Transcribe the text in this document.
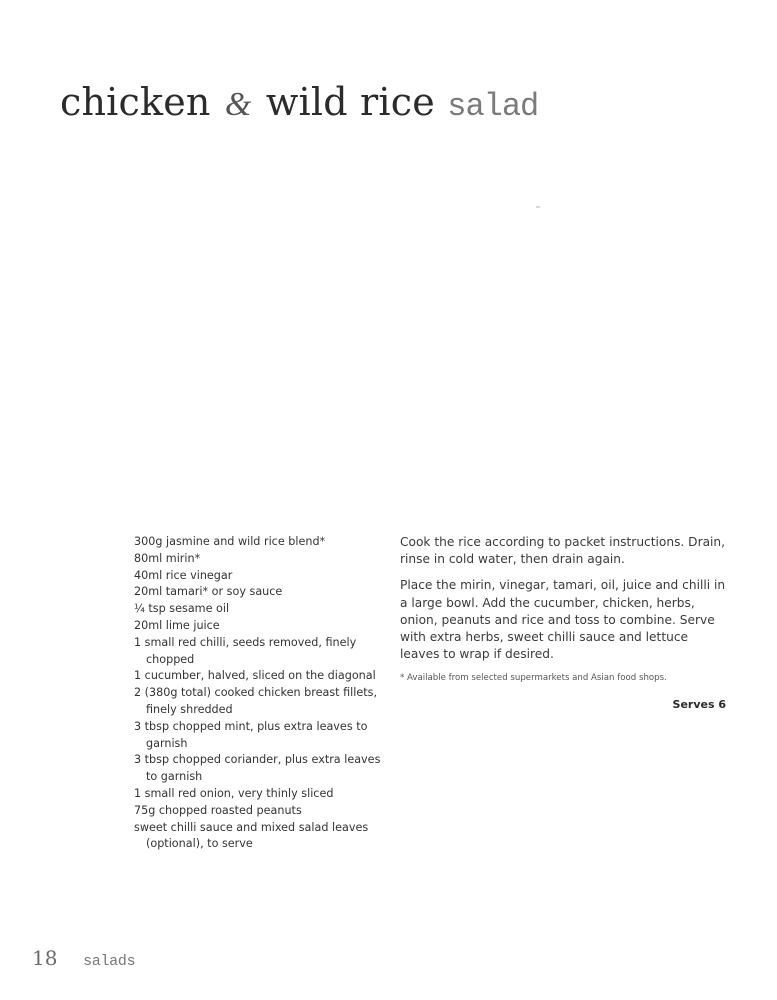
chicken & wild rice salad
300g jasmine and wild rice blend*
80ml mirin*
40ml rice vinegar
20ml tamari* or soy sauce
¼ tsp sesame oil
20ml lime juice
1 small red chilli, seeds removed, finely chopped
1 cucumber, halved, sliced on the diagonal
2 (380g total) cooked chicken breast fillets, finely shredded
3 tbsp chopped mint, plus extra leaves to garnish
3 tbsp chopped coriander, plus extra leaves to garnish
1 small red onion, very thinly sliced
75g chopped roasted peanuts
sweet chilli sauce and mixed salad leaves (optional), to serve

Cook the rice according to packet instructions. Drain, rinse in cold water, then drain again.

Place the mirin, vinegar, tamari, oil, juice and chilli in a large bowl. Add the cucumber, chicken, herbs, onion, peanuts and rice and toss to combine. Serve with extra herbs, sweet chilli sauce and lettuce leaves to wrap if desired.

* Available from selected supermarkets and Asian food shops.

Serves 6

18 salads
